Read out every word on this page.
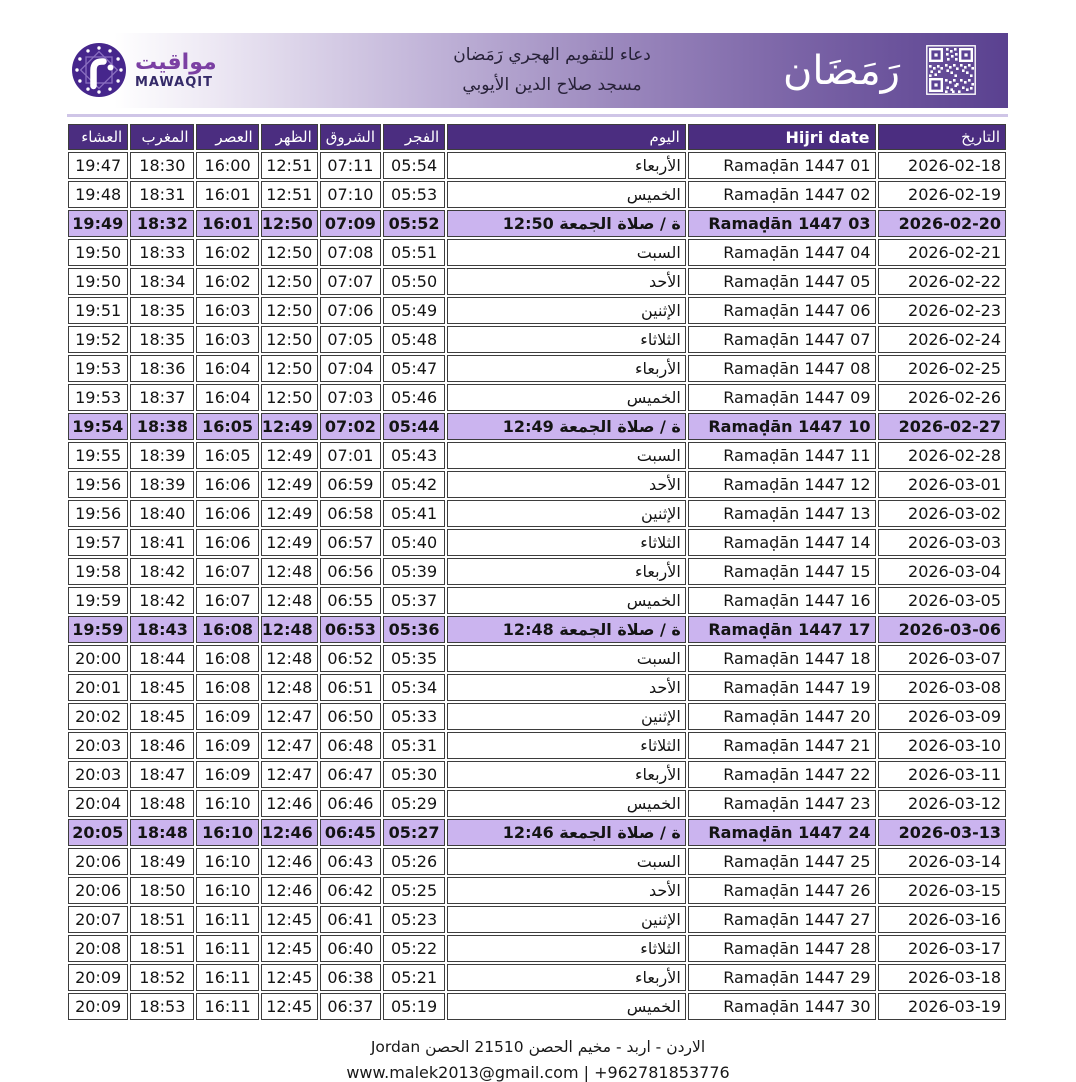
مواقيت
MAWAQIT
دعاء للتقويم الهجري رَمَضان
مسجد صلاح الدين الأيوبي	رَمَضَان
التاريخ	Hijri date	اليوم	الفجر	الشروق	الظهر	العصر	المغرب	العشاء
2026-02-18	Ramaḍān 1447 01	الأربعاء	05:54	07:11	12:51	16:00	18:30	19:47
2026-02-19	Ramaḍān 1447 02	الخميس	05:53	07:10	12:51	16:01	18:31	19:48
2026-02-20	Ramaḍān 1447 03	ة / صلاة الجمعة 12:50	05:52	07:09	12:50	16:01	18:32	19:49
2026-02-21	Ramaḍān 1447 04	السبت	05:51	07:08	12:50	16:02	18:33	19:50
2026-02-22	Ramaḍān 1447 05	الأحد	05:50	07:07	12:50	16:02	18:34	19:50
2026-02-23	Ramaḍān 1447 06	الإثنين	05:49	07:06	12:50	16:03	18:35	19:51
2026-02-24	Ramaḍān 1447 07	الثلاثاء	05:48	07:05	12:50	16:03	18:35	19:52
2026-02-25	Ramaḍān 1447 08	الأربعاء	05:47	07:04	12:50	16:04	18:36	19:53
2026-02-26	Ramaḍān 1447 09	الخميس	05:46	07:03	12:50	16:04	18:37	19:53
2026-02-27	Ramaḍān 1447 10	ة / صلاة الجمعة 12:49	05:44	07:02	12:49	16:05	18:38	19:54
2026-02-28	Ramaḍān 1447 11	السبت	05:43	07:01	12:49	16:05	18:39	19:55
2026-03-01	Ramaḍān 1447 12	الأحد	05:42	06:59	12:49	16:06	18:39	19:56
2026-03-02	Ramaḍān 1447 13	الإثنين	05:41	06:58	12:49	16:06	18:40	19:56
2026-03-03	Ramaḍān 1447 14	الثلاثاء	05:40	06:57	12:49	16:06	18:41	19:57
2026-03-04	Ramaḍān 1447 15	الأربعاء	05:39	06:56	12:48	16:07	18:42	19:58
2026-03-05	Ramaḍān 1447 16	الخميس	05:37	06:55	12:48	16:07	18:42	19:59
2026-03-06	Ramaḍān 1447 17	ة / صلاة الجمعة 12:48	05:36	06:53	12:48	16:08	18:43	19:59
2026-03-07	Ramaḍān 1447 18	السبت	05:35	06:52	12:48	16:08	18:44	20:00
2026-03-08	Ramaḍān 1447 19	الأحد	05:34	06:51	12:48	16:08	18:45	20:01
2026-03-09	Ramaḍān 1447 20	الإثنين	05:33	06:50	12:47	16:09	18:45	20:02
2026-03-10	Ramaḍān 1447 21	الثلاثاء	05:31	06:48	12:47	16:09	18:46	20:03
2026-03-11	Ramaḍān 1447 22	الأربعاء	05:30	06:47	12:47	16:09	18:47	20:03
2026-03-12	Ramaḍān 1447 23	الخميس	05:29	06:46	12:46	16:10	18:48	20:04
2026-03-13	Ramaḍān 1447 24	ة / صلاة الجمعة 12:46	05:27	06:45	12:46	16:10	18:48	20:05
2026-03-14	Ramaḍān 1447 25	السبت	05:26	06:43	12:46	16:10	18:49	20:06
2026-03-15	Ramaḍān 1447 26	الأحد	05:25	06:42	12:46	16:10	18:50	20:06
2026-03-16	Ramaḍān 1447 27	الإثنين	05:23	06:41	12:45	16:11	18:51	20:07
2026-03-17	Ramaḍān 1447 28	الثلاثاء	05:22	06:40	12:45	16:11	18:51	20:08
2026-03-18	Ramaḍān 1447 29	الأربعاء	05:21	06:38	12:45	16:11	18:52	20:09
2026-03-19	Ramaḍān 1447 30	الخميس	05:19	06:37	12:45	16:11	18:53	20:09
الاردن - اربد - مخيم الحصن 21510 الحصن Jordan
www.malek2013@gmail.com | +962781853776
